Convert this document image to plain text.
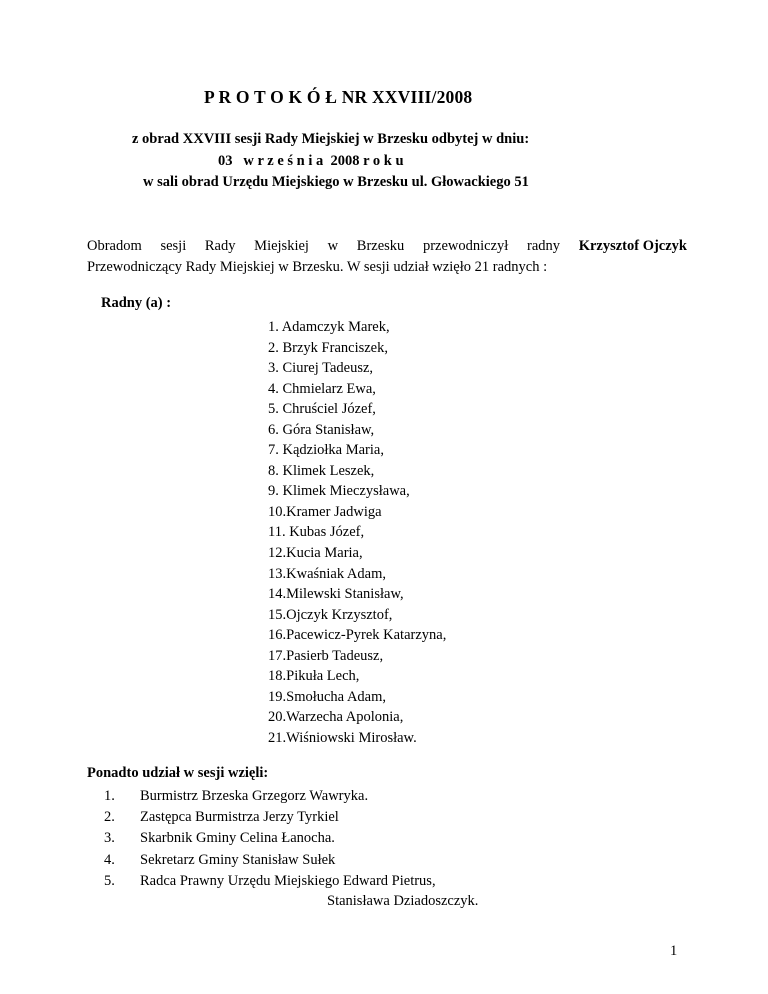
P R O T O K Ó Ł NR XXVIII/2008
z obrad XXVIII sesji Rady Miejskiej w Brzesku odbytej w dniu:
03   w r z e ś n i a  2008 r o k u
w sali obrad Urzędu Miejskiego w Brzesku ul. Głowackiego 51
Obradom sesji Rady Miejskiej w Brzesku przewodniczył radny Krzysztof Ojczyk
Przewodniczący Rady Miejskiej w Brzesku. W sesji udział wzięło 21 radnych :
Radny (a) :
1. Adamczyk Marek,
2. Brzyk Franciszek,
3. Ciurej Tadeusz,
4. Chmielarz Ewa,
5. Chruściel Józef,
6. Góra Stanisław,
7. Kądziołka Maria,
8. Klimek Leszek,
9. Klimek Mieczysława,
10.Kramer Jadwiga
11. Kubas Józef,
12.Kucia Maria,
13.Kwaśniak Adam,
14.Milewski Stanisław,
15.Ojczyk Krzysztof,
16.Pacewicz-Pyrek Katarzyna,
17.Pasierb Tadeusz,
18.Pikuła Lech,
19.Smołucha Adam,
20.Warzecha Apolonia,
21.Wiśniowski Mirosław.
Ponadto udział w sesji wzięli:
1.	Burmistrz Brzeska Grzegorz Wawryka.
2.	Zastępca Burmistrza Jerzy Tyrkiel
3.	Skarbnik Gminy Celina Łanocha.
4.	Sekretarz Gminy Stanisław Sułek
5.	Radca Prawny Urzędu Miejskiego Edward Pietrus,
Stanisława Dziadoszczyk.
1
